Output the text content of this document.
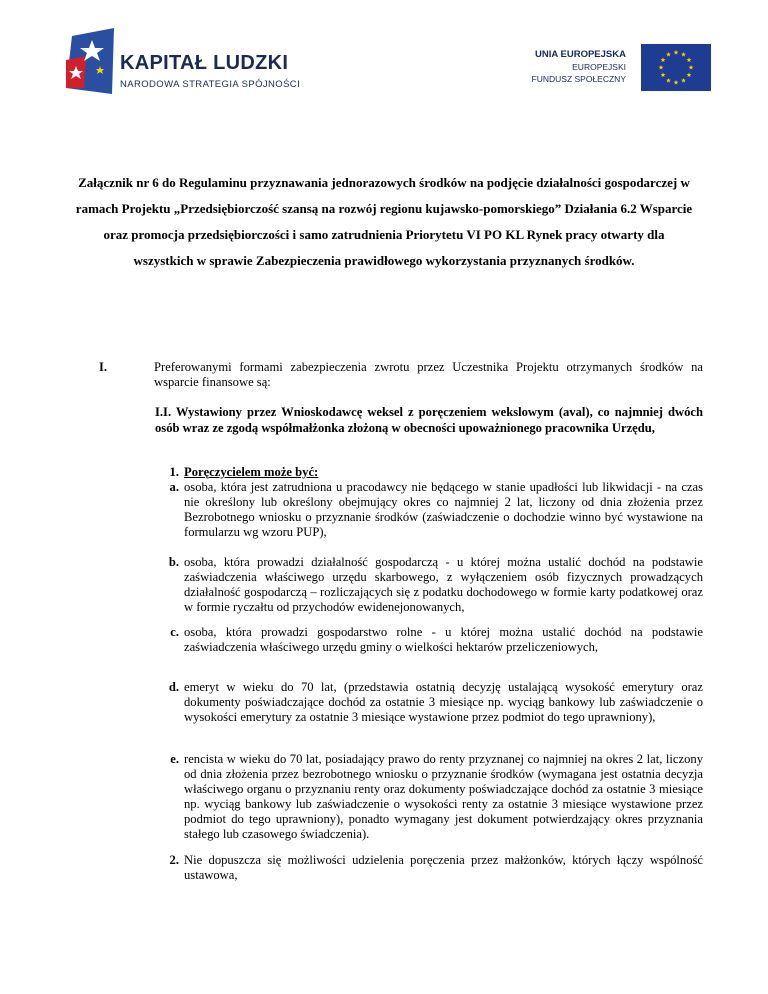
KAPITAŁ LUDZKI
NARODOWA STRATEGIA SPÓJNOŚCI
UNIA EUROPEJSKA
EUROPEJSKI
FUNDUSZ SPOŁECZNY
Załącznik nr 6 do Regulaminu przyznawania jednorazowych środków na podjęcie działalności gospodarczej w ramach Projektu „Przedsiębiorczość szansą na rozwój regionu kujawsko-pomorskiego” Działania 6.2 Wsparcie oraz promocja przedsiębiorczości i samo zatrudnienia Priorytetu VI PO KL Rynek pracy otwarty dla wszystkich w sprawie Zabezpieczenia prawidłowego wykorzystania przyznanych środków.
I.	Preferowanymi formami zabezpieczenia zwrotu przez Uczestnika Projektu otrzymanych środków na wsparcie finansowe są:
I.I. Wystawiony przez Wnioskodawcę weksel z poręczeniem wekslowym (aval), co najmniej dwóch osób wraz ze zgodą współmałżonka złożoną w obecności upoważnionego pracownika Urzędu,
1. Poręczycielem może być:
a. osoba, która jest zatrudniona u pracodawcy nie będącego w stanie upadłości lub likwidacji - na czas nie określony lub określony obejmujący okres co najmniej 2 lat, liczony od dnia złożenia przez Bezrobotnego wniosku o przyznanie środków (zaświadczenie o dochodzie winno być wystawione na formularzu wg wzoru PUP),
b. osoba, która prowadzi działalność gospodarczą - u której można ustalić dochód na podstawie zaświadczenia właściwego urzędu skarbowego, z wyłączeniem osób fizycznych prowadzących działalność gospodarczą – rozliczających się z podatku dochodowego w formie karty podatkowej oraz w formie ryczałtu od przychodów ewidenejonowanych,
c. osoba, która prowadzi gospodarstwo rolne - u której można ustalić dochód na podstawie zaświadczenia właściwego urzędu gminy o wielkości hektarów przeliczeniowych,
d. emeryt w wieku do 70 lat, (przedstawia ostatnią decyzję ustalającą wysokość emerytury oraz dokumenty poświadczające dochód za ostatnie 3 miesiące np. wyciąg bankowy lub zaświadczenie o wysokości emerytury za ostatnie 3 miesiące wystawione przez podmiot do tego uprawniony),
e. rencista w wieku do 70 lat, posiadający prawo do renty przyznanej co najmniej na okres 2 lat, liczony od dnia złożenia przez bezrobotnego wniosku o przyznanie środków (wymagana jest ostatnia decyzja właściwego organu o przyznaniu renty oraz dokumenty poświadczające dochód za ostatnie 3 miesiące np. wyciąg bankowy lub zaświadczenie o wysokości renty za ostatnie 3 miesiące wystawione przez podmiot do tego uprawniony), ponadto wymagany jest dokument potwierdzający okres przyznania stałego lub czasowego świadczenia).
2. Nie dopuszcza się możliwości udzielenia poręczenia przez małżonków, których łączy wspólność ustawowa,
